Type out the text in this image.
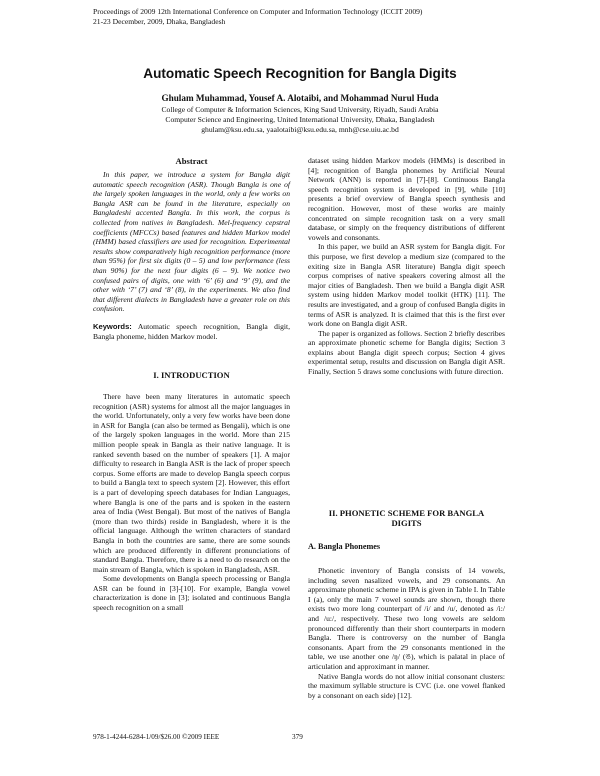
Proceedings of 2009 12th International Conference on Computer and Information Technology (ICCIT 2009)
21-23 December, 2009, Dhaka, Bangladesh
Automatic Speech Recognition for Bangla Digits
Ghulam Muhammad, Yousef A. Alotaibi, and Mohammad Nurul Huda
College of Computer & Information Sciences, King Saud University, Riyadh, Saudi Arabia
Computer Science and Engineering, United International University, Dhaka, Bangladesh
ghulam@ksu.edu.sa, yaalotaibi@ksu.edu.sa, mnh@cse.uiu.ac.bd
Abstract

In this paper, we introduce a system for Bangla digit automatic speech recognition (ASR). Though Bangla is one of the largely spoken languages in the world, only a few works on Bangla ASR can be found in the literature, especially on Bangladeshi accented Bangla. In this work, the corpus is collected from natives in Bangladesh. Mel-frequency cepstral coefficients (MFCCs) based features and hidden Markov model (HMM) based classifiers are used for recognition. Experimental results show comparatively high recognition performance (more than 95%) for first six digits (0 – 5) and low performance (less than 90%) for the next four digits (6 – 9). We notice two confused pairs of digits, one with ‘6’ (6) and ‘9’ (9), and the other with ‘7’ (7) and ‘8’ (8), in the experiments. We also find that different dialects in Bangladesh have a greater role on this confusion.

Keywords: Automatic speech recognition, Bangla digit, Bangla phoneme, hidden Markov model.

I. INTRODUCTION

There have been many literatures in automatic speech recognition (ASR) systems for almost all the major languages in the world. Unfortunately, only a very few works have been done in ASR for Bangla (can also be termed as Bengali), which is one of the largely spoken languages in the world. More than 215 million people speak in Bangla as their native language. It is ranked seventh based on the number of speakers [1]. A major difficulty to research in Bangla ASR is the lack of proper speech corpus. Some efforts are made to develop Bangla speech corpus to build a Bangla text to speech system [2]. However, this effort is a part of developing speech databases for Indian Languages, where Bangla is one of the parts and is spoken in the eastern area of India (West Bengal). But most of the natives of Bangla (more than two thirds) reside in Bangladesh, where it is the official language. Although the written characters of standard Bangla in both the countries are same, there are some sounds which are produced differently in different pronunciations of standard Bangla. Therefore, there is a need to do research on the main stream of Bangla, which is spoken in Bangladesh, ASR.

Some developments on Bangla speech processing or Bangla ASR can be found in [3]-[10]. For example, Bangla vowel characterization is done in [3]; isolated and continuous Bangla speech recognition on a small

dataset using hidden Markov models (HMMs) is described in [4]; recognition of Bangla phonemes by Artificial Neural Network (ANN) is reported in [7]-[8]. Continuous Bangla speech recognition system is developed in [9], while [10] presents a brief overview of Bangla speech synthesis and recognition. However, most of these works are mainly concentrated on simple recognition task on a very small database, or simply on the frequency distributions of different vowels and consonants.

In this paper, we build an ASR system for Bangla digit. For this purpose, we first develop a medium size (compared to the exiting size in Bangla ASR literature) Bangla digit speech corpus comprises of native speakers covering almost all the major cities of Bangladesh. Then we build a Bangla digit ASR system using hidden Markov model toolkit (HTK) [11]. The results are investigated, and a group of confused Bangla digits in terms of ASR is analyzed. It is claimed that this is the first ever work done on Bangla digit ASR.

The paper is organized as follows. Section 2 briefly describes an approximate phonetic scheme for Bangla digits; Section 3 explains about Bangla digit speech corpus; Section 4 gives experimental setup, results and discussion on Bangla digit ASR. Finally, Section 5 draws some conclusions with future direction.

II. PHONETIC SCHEME FOR BANGLA
DIGITS
A. Bangla Phonemes

Phonetic inventory of Bangla consists of 14 vowels, including seven nasalized vowels, and 29 consonants. An approximate phonetic scheme in IPA is given in Table I. In Table I (a), only the main 7 vowel sounds are shown, though there exists two more long counterpart of /i/ and /u/, denoted as /i:/ and /u:/, respectively. These two long vowels are seldom pronounced differently than their short counterparts in modern Bangla. There is controversy on the number of Bangla consonants. Apart from the 29 consonants mentioned in the table, we use another one /ŋ/ (ঙ), which is palatal in place of articulation and approximant in manner.

Native Bangla words do not allow initial consonant clusters: the maximum syllable structure is CVC (i.e. one vowel flanked by a consonant on each side) [12].

978-1-4244-6284-1/09/$26.00 ©2009 IEEE	379
